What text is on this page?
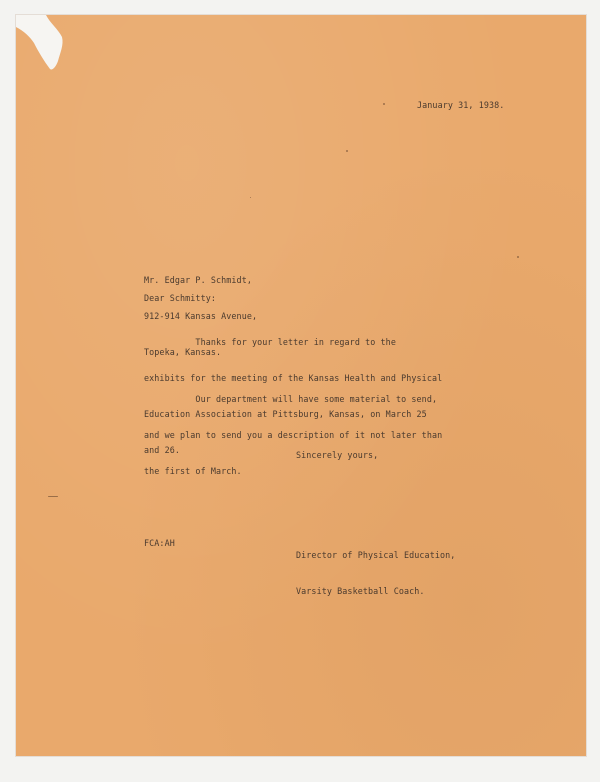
January 31, 1938.

Mr. Edgar P. Schmidt,

912-914 Kansas Avenue,

Topeka, Kansas.

Dear Schmitty:

Thanks for your letter in regard to the

exhibits for the meeting of the Kansas Health and Physical

Education Association at Pittsburg, Kansas, on March 25

and 26.

Our department will have some material to send,

and we plan to send you a description of it not later than

the first of March.

Sincerely yours,

Director of Physical Education,

Varsity Basketball Coach.

FCA:AH
